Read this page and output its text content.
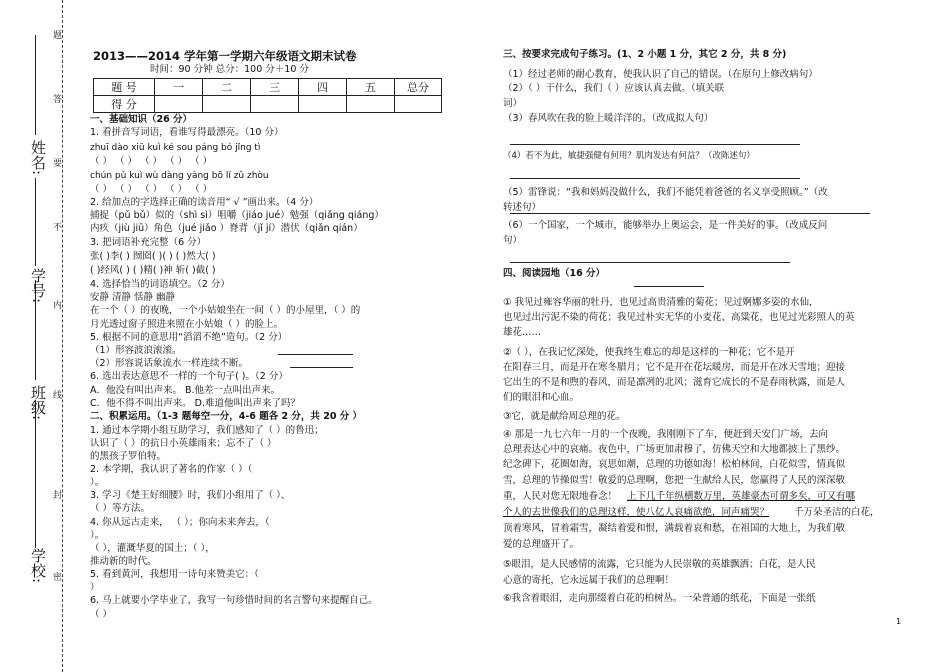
学校:
班级:
学号:
姓名:
题
答
要
不
内
线
封
密
2013——2014 学年第一学期六年级语文期末试卷
时间：90 分钟 总分：100 分＋10 分
题 号	一	二	三	四	五	总分
得 分						
一、基础知识（26 分）
1. 看拼音写词语，看谁写得最漂亮。（10 分）
zhuī dào xiū kuì ké sou páng bó jǐng tì
（ ） （ ） （ ） （ ） （ ）
chún pǔ kuì wù dàng yàng bō lí zǔ zhòu
（ ） （ ） （ ） （ ） （ ）
2. 给加点的字选择正确的读音用“ √ ”画出来。（4 分）
捕捉（pǔ bǔ）似的（shì sì）咀嚼（jiáo jué）勉强（qiǎng qiáng）
内疚（jiù jiū）角色（jué jiǎo ）脊背（jǐ jí）潜伏（qiǎn qián）
3. 把词语补充完整（6 分）
张( )李( ) 囫囵( )( ) ( )然大( )
( )经风( ) ( )精( )神 斩( )截( )
4. 选择恰当的词语填空。（2 分）
安静 清静 恬静 幽静
在一个（ ）的夜晚，一个小姑娘坐在一间（ ）的小屋里，（ ）的
月光透过窗子照进来照在小姑娘（ ）的脸上。
5. 根据不同的意思用“滔滔不绝”造句。（2 分）
（1）形容波浪滚滚。
（2）形容说话象流水一样连续不断。
6. 选出表达意思不一样的一个句子( )。（2 分）
A．他没有叫出声来。 B.他差一点叫出声来。
C．他不得不叫出声来。 D.难道他叫出声来了吗？
二、积累运用。（1-3 题每空一分，4-6 题各 2 分，共 20 分 ）
1. 通过本学期小组互助学习，我们感知了（ ）的鲁迅；
认识了（ ）的抗日小英雄雨来；忘不了（ ）
的黑孩子罗伯特。
2. 本学期，我认识了著名的作家（ ）（
）。
3. 学习《楚王好细腰》时，我们小组用了（ ）、
（ ）等方法。
4. 你从远古走来， （ ）；你向未来奔去，（
）。
（ ），灌溉华夏的国土；（ ），
推动新的时代。
5. 看到黄河，我想用一诗句来赞美它：（
）
6. 马上就要小学毕业了，我写一句珍惜时间的名言警句来提醒自己。
（ ）
三、按要求完成句子练习。(1、2 小题 1 分，其它 2 分，共 8 分)
（1）经过老师的耐心教育，使我认识了自己的错误。（在原句上修改病句）
（2）（ ）干什么，我们（ ）应该认真去做。（填关联
词）
（3）春风吹在我的脸上暖洋洋的。（改成拟人句）
（4）若不为此，敏捷强健有何用？肌肉发达有何益？（改陈述句）
（5）雷锋说：“我和妈妈没做什么，我们不能凭着爸爸的名义享受照顾。”（改
转述句）
（6）一个国家，一个城市，能够举办上奥运会，是一件美好的事。（改成反问
句）
四、阅读园地（16 分）
① 我见过雍容华丽的牡丹，也见过高贵清雅的菊花；见过婀娜多姿的水仙，
也见过出污泥不染的荷花；我见过朴实无华的小麦花、高粱花，也见过光彩照人的英
雄花……
②（ ），在我记忆深处，使我终生难忘的却是这样的一种花；它不是开
在阳春三月，而是开在寒冬腊月；它不是开在花坛暖房，而是开在冰天雪地；迎接
它出生的不是和煦的春风，而是凛冽的北风；滋育它成长的不是春雨秋露，而是人
们的眼泪和心血。
③它，就是献给周总理的花。
④ 那是一九七六年一月的一个夜晚，我刚刚下了车，便赶到天安门广场，去向
总理表达心中的哀痛。夜色中，广场更加肃穆了，仿佛天空和大地都披上了黑纱。
纪念碑下，花圈如海，哀思如潮，总理的功德如海！松柏林间，白花似雪，情真似
雪，总理的节操似雪！敬爱的总理啊，您把一生献给人民，您赢得了人民的深深敬
重，人民对您无限地眷念！ 上下几千年纵横数万里，英雄豪杰可谓多矣，可又有哪
个人的去世像我们的总理这样，使八亿人哀痛欲绝，同声痛哭？	千万朵圣洁的白花，
顶着寒风，冒着霜雪，凝结着爱和恨，满载着哀和愁，在祖国的大地上，为我们敬
爱的总理盛开了。
⑤眼泪，是人民感情的流露，它只能为人民崇敬的英雄飘洒；白花，是人民
心意的寄托，它永远属于我们的总理啊！
⑥我含着眼泪，走向那缀着白花的柏树丛。一朵普通的纸花，下面是一张纸
1
